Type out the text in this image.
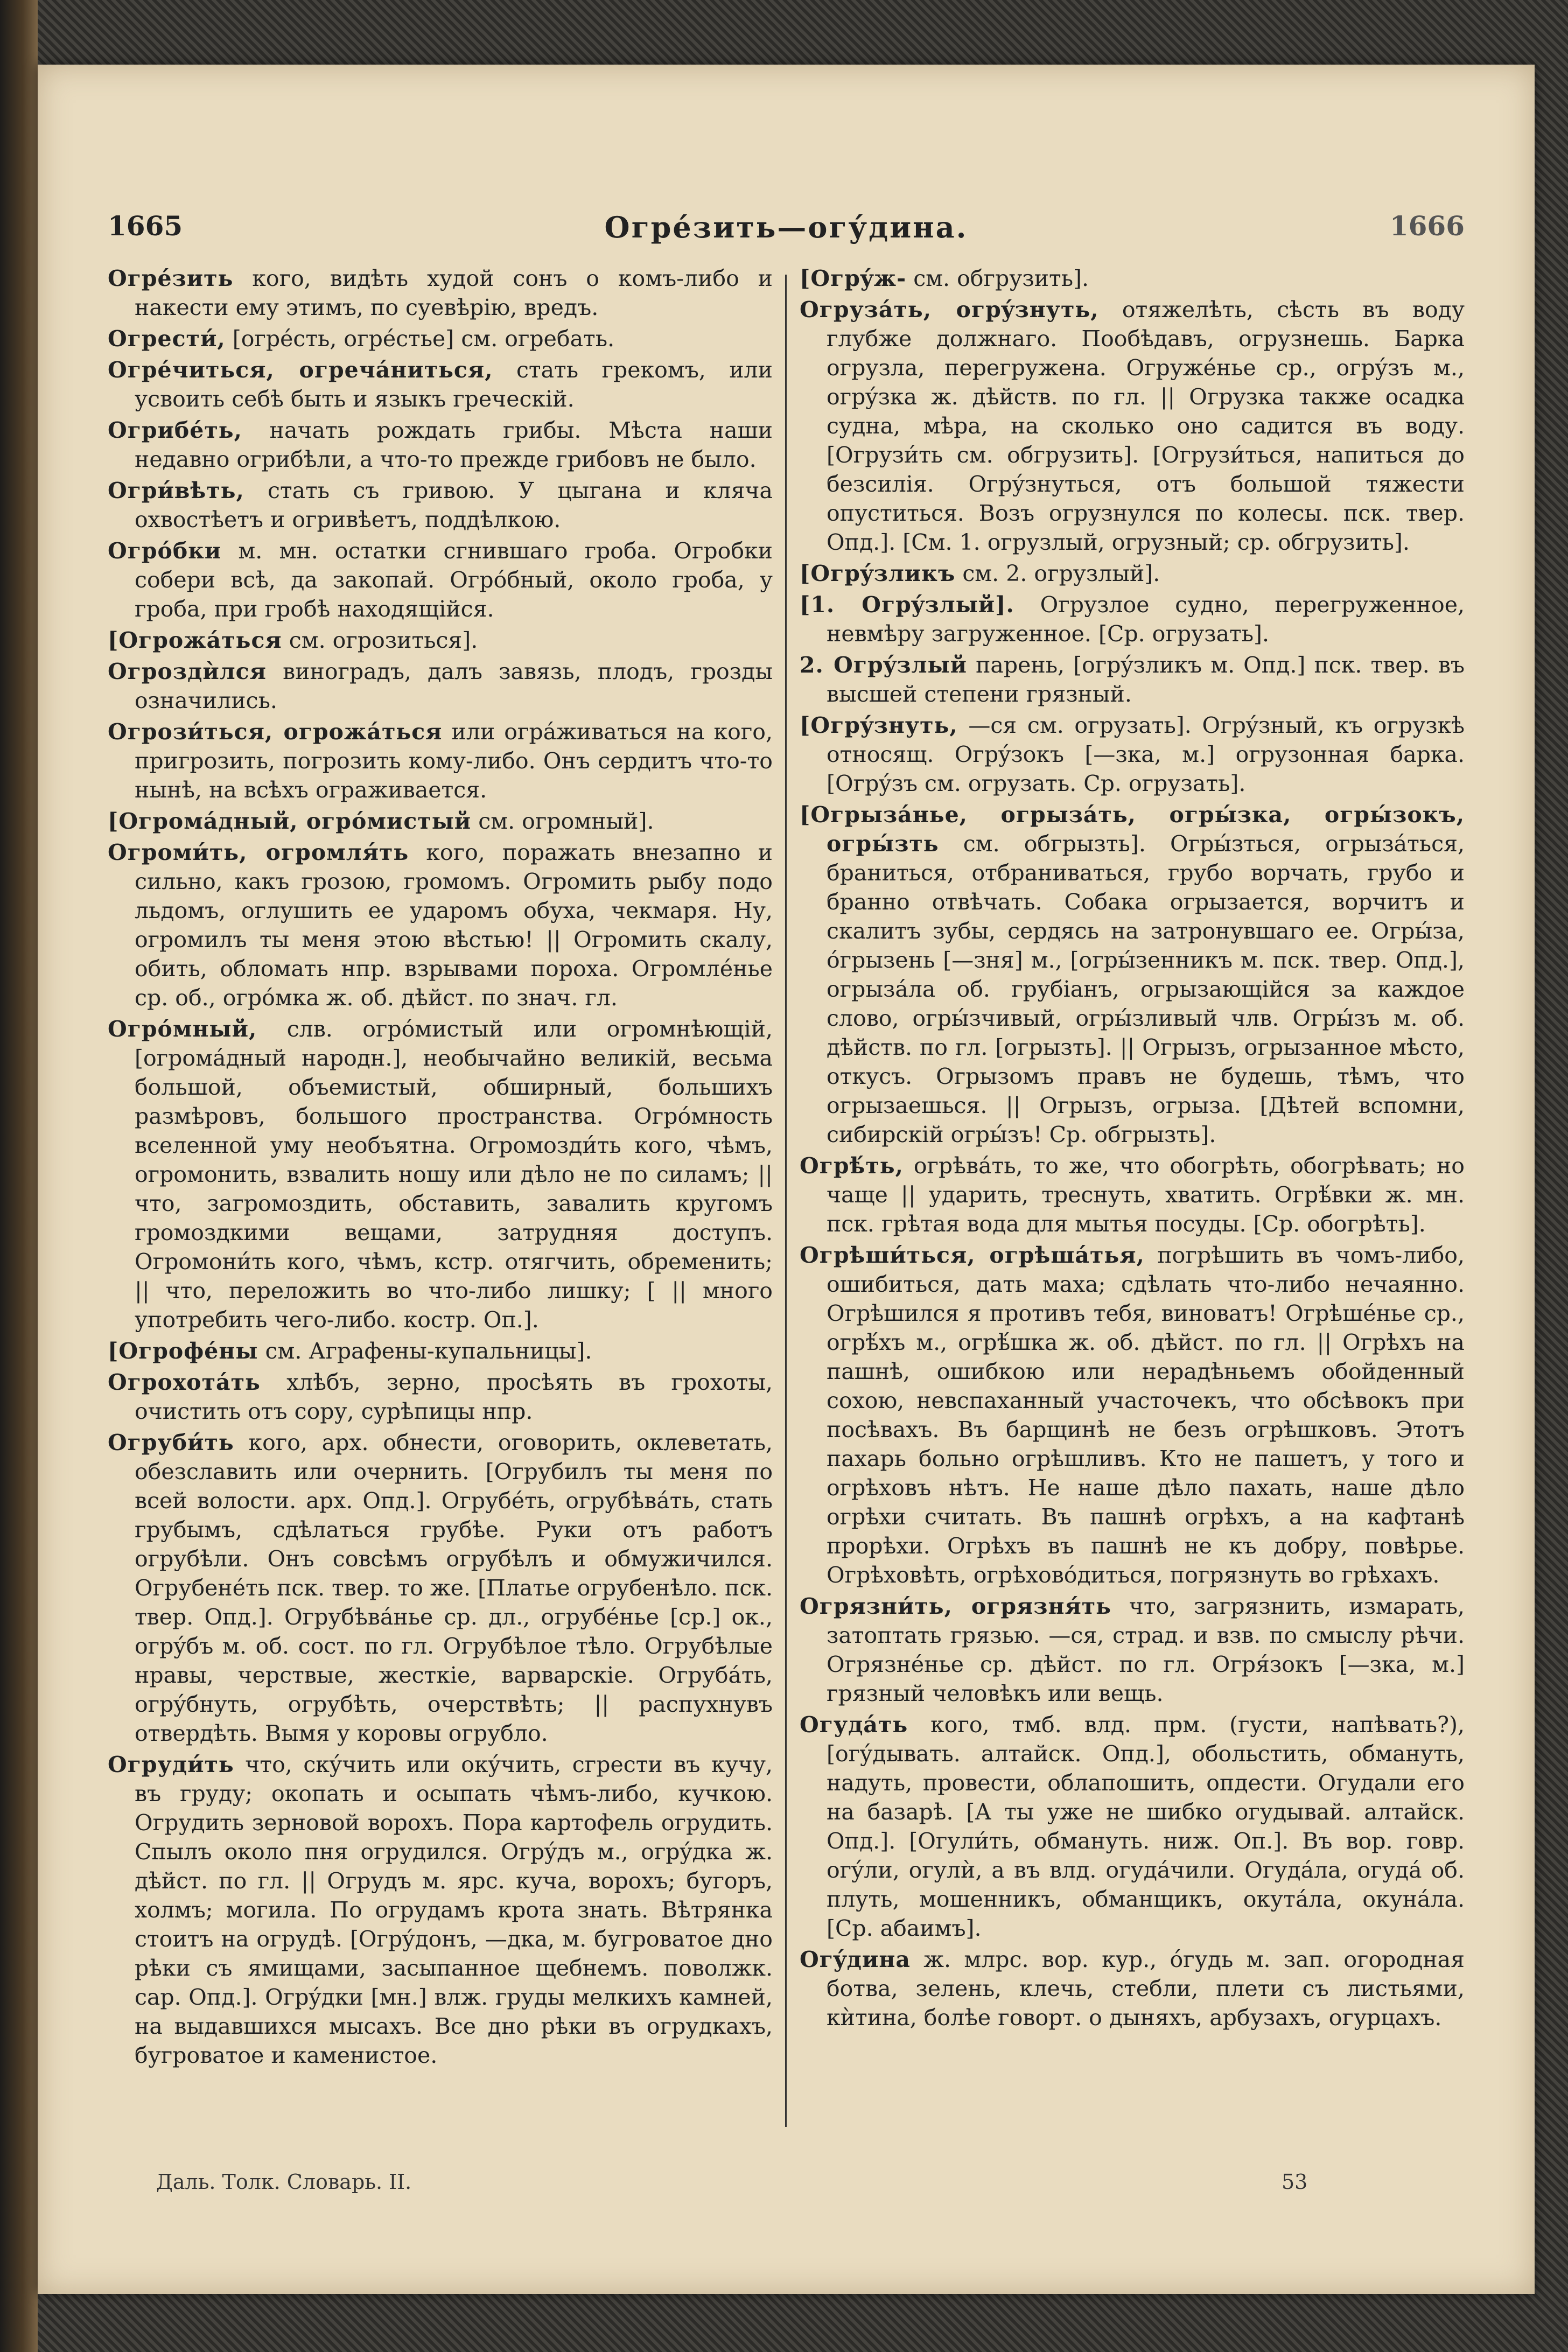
1665	Огрéзить—огу́дина.	1666

Огрéзить кого, видѣть худой сонъ о комъ-либо и накести ему этимъ, по суевѣрію, вредъ.

Огрести́, [огрéсть, огрéстье] см. огребать.

Огрéчиться, огречáниться, стать грекомъ, или усвоить себѣ быть и языкъ греческій.

Огрибéть, начать рождать грибы. Мѣста наши недавно огрибѣли, а что-то прежде грибовъ не было.

Огри́вѣть, стать съ гривою. У цыгана и кляча охвостѣетъ и огривѣетъ, поддѣлкою.

Огрóбки м. мн. остатки сгнившаго гроба. Огробки собери всѣ, да закопай. Огрóбный, около гроба, у гроба, при гробѣ находящійся.

[Огрожáться см. огрозиться].

Огроздѝлся виноградъ, далъ завязь, плодъ, грозды означились.

Огрози́ться, огрожáться или огрáживаться на кого, пригрозить, погрозить кому-либо. Онъ сердитъ что-то нынѣ, на всѣхъ ограживается.

[Огромáдный, огрóмистый см. огромный].

Огроми́ть, огромля́ть кого, поражать внезапно и сильно, какъ грозою, громомъ. Огромить рыбу подо льдомъ, оглушить ее ударомъ обуха, чекмаря. Ну, огромилъ ты меня этою вѣстью! || Огромить скалу, обить, обломать нпр. взрывами пороха. Огромлéнье ср. об., огрóмка ж. об. дѣйст. по знач. гл.

Огрóмный, слв. огрóмистый или огромнѣющій, [огромáдный народн.], необычайно великій, весьма большой, объемистый, обширный, большихъ размѣровъ, большого пространства. Огрóмность вселенной уму необъятна. Огромозди́ть кого, чѣмъ, огромонить, взвалить ношу или дѣло не по силамъ; || что, загромоздить, обставить, завалить кругомъ громоздкими вещами, затрудняя доступъ. Огромони́ть кого, чѣмъ, кстр. отягчить, обременить; || что, переложить во что-либо лишку; [ || много употребить чего-либо. костр. Оп.].

[Огрофéны см. Аграфены-купальницы].

Огрохотáть хлѣбъ, зерно, просѣять въ грохоты, очистить отъ сору, сурѣпицы нпр.

Огруби́ть кого, арх. обнести, оговорить, оклеветать, обезславить или очернить. [Огрубилъ ты меня по всей волости. арх. Опд.]. Огрубéть, огрубѣвáть, стать грубымъ, сдѣлаться грубѣе. Руки отъ работъ огрубѣли. Онъ совсѣмъ огрубѣлъ и обмужичился. Огрубенéть пск. твер. то же. [Платье огрубенѣло. пск. твер. Опд.]. Огрубѣвáнье ср. дл., огрубéнье [ср.] ок., огрýбъ м. об. сост. по гл. Огрубѣлое тѣло. Огрубѣлые нравы, черствые, жесткіе, варварскіе. Огрубáть, огрýбнуть, огрубѣть, очерствѣть; || распухнувъ отвердѣть. Вымя у коровы огрубло.

Огруди́ть что, скýчить или окýчить, сгрести въ кучу, въ груду; окопать и осыпать чѣмъ-либо, кучкою. Огрудить зерновой ворохъ. Пора картофель огрудить. Спылъ около пня огрудился. Огрýдъ м., огрýдка ж. дѣйст. по гл. || Огрудъ м. ярс. куча, ворохъ; бугоръ, холмъ; могила. По огрудамъ крота знать. Вѣтрянка стоитъ на огрудѣ. [Огрýдонъ, —дка, м. бугроватое дно рѣки съ ямищами, засыпанное щебнемъ. поволжк. сар. Опд.]. Огрýдки [мн.] влж. груды мелкихъ камней, на выдавшихся мысахъ. Все дно рѣки въ огрудкахъ, бугроватое и каменистое.

[Огрýж- см. обгрузить].

Огрузáть, огрýзнуть, отяжелѣть, сѣсть въ воду глубже должнаго. Пообѣдавъ, огрузнешь. Барка огрузла, перегружена. Огружéнье ср., огрýзъ м., огрýзка ж. дѣйств. по гл. || Огрузка также осадка судна, мѣра, на сколько оно садится въ воду. [Огрузи́ть см. обгрузить]. [Огрузи́ться, напиться до безсилія. Огрýзнуться, отъ большой тяжести опуститься. Возъ огрузнулся по колесы. пск. твер. Опд.]. [См. 1. огрузлый, огрузный; ср. обгрузить].

[Огрýзликъ см. 2. огрузлый].

[1. Огрýзлый]. Огрузлое судно, перегруженное, невмѣру загруженное. [Ср. огрузать].

2. Огрýзлый парень, [огрýзликъ м. Опд.] пск. твер. въ высшей степени грязный.

[Огрýзнуть, —ся см. огрузать]. Огрýзный, къ огрузкѣ относящ. Огрýзокъ [—зка, м.] огрузонная барка. [Огрýзъ см. огрузать. Ср. огрузать].

[Огрызáнье, огрызáть, огры́зка, огры́зокъ, огры́зть см. обгрызть]. Огры́зться, огрызáться, браниться, отбраниваться, грубо ворчать, грубо и бранно отвѣчать. Собака огрызается, ворчитъ и скалитъ зубы, сердясь на затронувшаго ее. Огры́за, óгрызень [—зня] м., [огры́зенникъ м. пск. твер. Опд.], огрызáла об. грубіанъ, огрызающійся за каждое слово, огры́зчивый, огры́зливый члв. Огры́зъ м. об. дѣйств. по гл. [огрызть]. || Огрызъ, огрызанное мѣсто, откусъ. Огрызомъ правъ не будешь, тѣмъ, что огрызаешься. || Огрызъ, огрыза. [Дѣтей вспомни, сибирскій огры́зъ! Ср. обгрызть].

Огрѣ́ть, огрѣвáть, то же, что обогрѣть, обогрѣвать; но чаще || ударить, треснуть, хватить. Огрѣ́вки ж. мн. пск. грѣтая вода для мытья посуды. [Ср. обогрѣть].

Огрѣши́ться, огрѣшáтья, погрѣшить въ чомъ-либо, ошибиться, дать маха; сдѣлать что-либо нечаянно. Огрѣшился я противъ тебя, виноватъ! Огрѣшéнье ср., огрѣ́хъ м., огрѣ́шка ж. об. дѣйст. по гл. || Огрѣхъ на пашнѣ, ошибкою или нерадѣньемъ обойденный сохою, невспаханный участочекъ, что обсѣвокъ при посѣвахъ. Въ барщинѣ не безъ огрѣшковъ. Этотъ пахарь больно огрѣшливъ. Кто не пашетъ, у того и огрѣховъ нѣтъ. Не наше дѣло пахать, наше дѣло огрѣхи считать. Въ пашнѣ огрѣхъ, а на кафтанѣ прорѣхи. Огрѣхъ въ пашнѣ не къ добру, повѣрье. Огрѣховѣть, огрѣховóдиться, погрязнуть во грѣхахъ.

Огрязни́ть, огрязня́ть что, загрязнить, измарать, затоптать грязью. —ся, страд. и взв. по смыслу рѣчи. Огрязнéнье ср. дѣйст. по гл. Огря́зокъ [—зка, м.] грязный человѣкъ или вещь.

Огудáть кого, тмб. влд. прм. (густи, напѣвать?), [огýдывать. алтайск. Опд.], обольстить, обмануть, надуть, провести, облапошить, опдести. Огудали его на базарѣ. [А ты уже не шибко огудывай. алтайск. Опд.]. [Огули́ть, обмануть. ниж. Оп.]. Въ вор. говр. огýли, огулѝ, а въ влд. огудáчили. Огудáла, огудá об. плуть, мошенникъ, обманщикъ, окутáла, окунáла. [Ср. абаимъ].

Огýдина ж. млрс. вор. кур., óгудь м. зап. огородная ботва, зелень, клечь, стебли, плети съ листьями, кѝтина, болѣе говорт. о дыняхъ, арбузахъ, огурцахъ.

Даль. Толк. Словарь. II.	53
